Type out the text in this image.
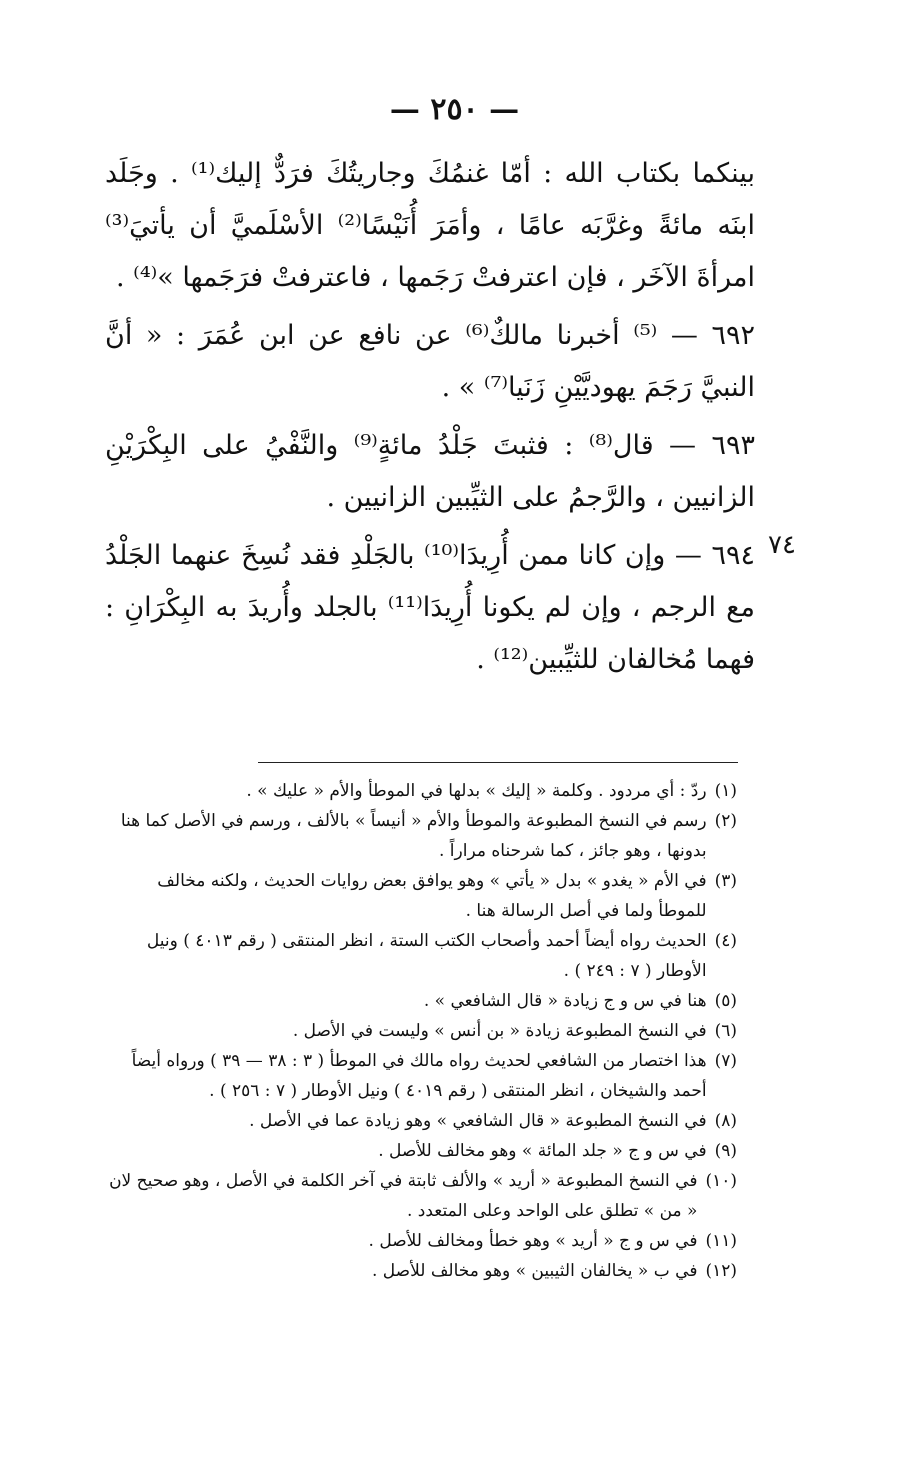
— ٢٥٠ —
٧٤

بينكما بكتاب الله : أمّا غنمُكَ وجاريتُكَ فرَدٌّ إليك⁽¹⁾ . وجَلَد ابنَه مائةً وغرَّبَه عامًا ، وأمَرَ أُنَيْسًا⁽²⁾ الأسْلَميَّ أن يأتيَ⁽³⁾ امرأةَ الآخَر ، فإن اعترفتْ رَجَمها ، فاعترفتْ فرَجَمها »⁽⁴⁾ .

٦٩٢ — ⁽⁵⁾ أخبرنا مالكٌ⁽⁶⁾ عن نافع عن ابن عُمَرَ : « أنَّ النبيَّ رَجَمَ يهوديَّيْنِ زَنَيا⁽⁷⁾ » .

٦٩٣ — قال⁽⁸⁾ : فثبتَ جَلْدُ مائةٍ⁽⁹⁾ والنَّفْيُ على البِكْرَيْنِ الزانيين ، والرَّجمُ على الثيِّبين الزانيين .

٦٩٤ — وإن كانا ممن أُرِيدَا⁽¹⁰⁾ بالجَلْدِ فقد نُسِخَ عنهما الجَلْدُ مع الرجم ، وإن لم يكونا أُرِيدَا⁽¹¹⁾ بالجلد وأُريدَ به البِكْرَانِ : فهما مُخالفان للثيِّبين⁽¹²⁾ .

(١)
ردّ : أي مردود . وكلمة « إليك » بدلها في الموطأ والأم « عليك » .
(٢)
رسم في النسخ المطبوعة والموطأ والأم « أنيساً » بالألف ، ورسم في الأصل كما هنا بدونها ، وهو جائز ، كما شرحناه مراراً .
(٣)
في الأم « يغدو » بدل « يأتي » وهو يوافق بعض روايات الحديث ، ولكنه مخالف للموطأ ولما في أصل الرسالة هنا .
(٤)
الحديث رواه أيضاً أحمد وأصحاب الكتب الستة ، انظر المنتقى ( رقم ٤٠١٣ ) ونيل الأوطار ( ٧ : ٢٤٩ ) .
(٥)
هنا في س و ج زيادة « قال الشافعي » .
(٦)
في النسخ المطبوعة زيادة « بن أنس » وليست في الأصل .
(٧)
هذا اختصار من الشافعي لحديث رواه مالك في الموطأ ( ٣ : ٣٨ — ٣٩ ) ورواه أيضاً أحمد والشيخان ، انظر المنتقى ( رقم ٤٠١٩ ) ونيل الأوطار ( ٧ : ٢٥٦ ) .
(٨)
في النسخ المطبوعة « قال الشافعي » وهو زيادة عما في الأصل .
(٩)
في س و ج « جلد المائة » وهو مخالف للأصل .
(١٠)
في النسخ المطبوعة « أريد » والألف ثابتة في آخر الكلمة في الأصل ، وهو صحيح لان « من » تطلق على الواحد وعلى المتعدد .
(١١)
في س و ج « أريد » وهو خطأ ومخالف للأصل .
(١٢)
في ب « يخالفان الثيبين » وهو مخالف للأصل .
